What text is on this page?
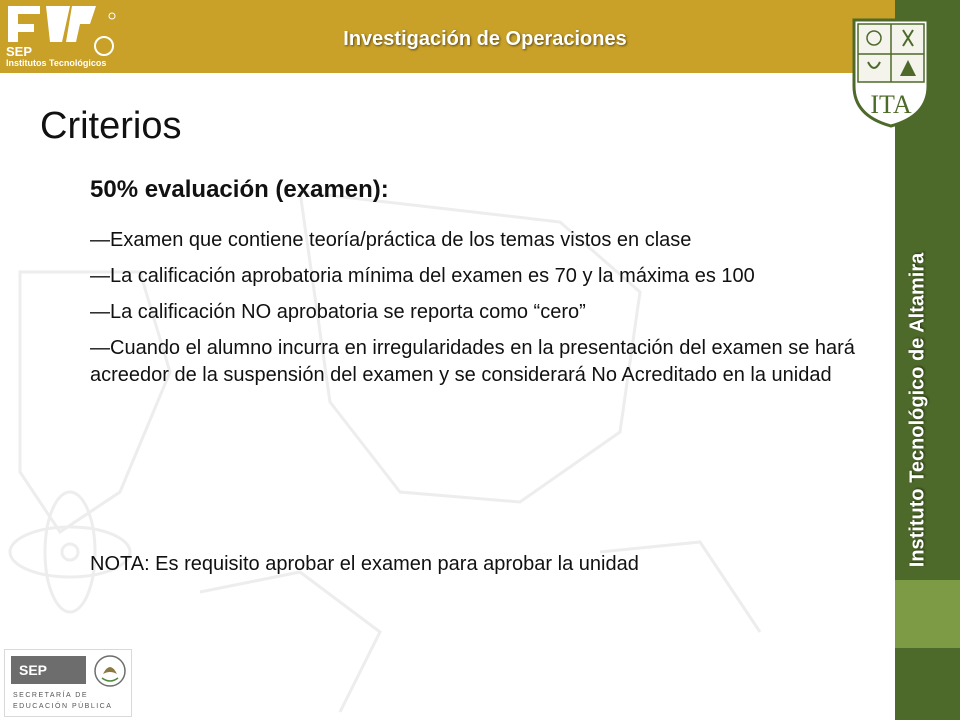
SEP
Institutos Tecnológicos
Investigación de Operaciones
ITA
Instituto Tecnológico de Altamira
Criterios
50% evaluación (examen):
—Examen que contiene teoría/práctica de los temas vistos en clase
—La calificación aprobatoria mínima del examen es 70 y la máxima es 100
—La calificación NO aprobatoria se reporta como “cero”
—Cuando el alumno incurra en irregularidades en la presentación del examen se hará acreedor de la suspensión del examen y se considerará No Acreditado en la unidad
NOTA: Es requisito aprobar el examen para aprobar la unidad
SEP
SECRETARÍA DE
EDUCACIÓN PÚBLICA
